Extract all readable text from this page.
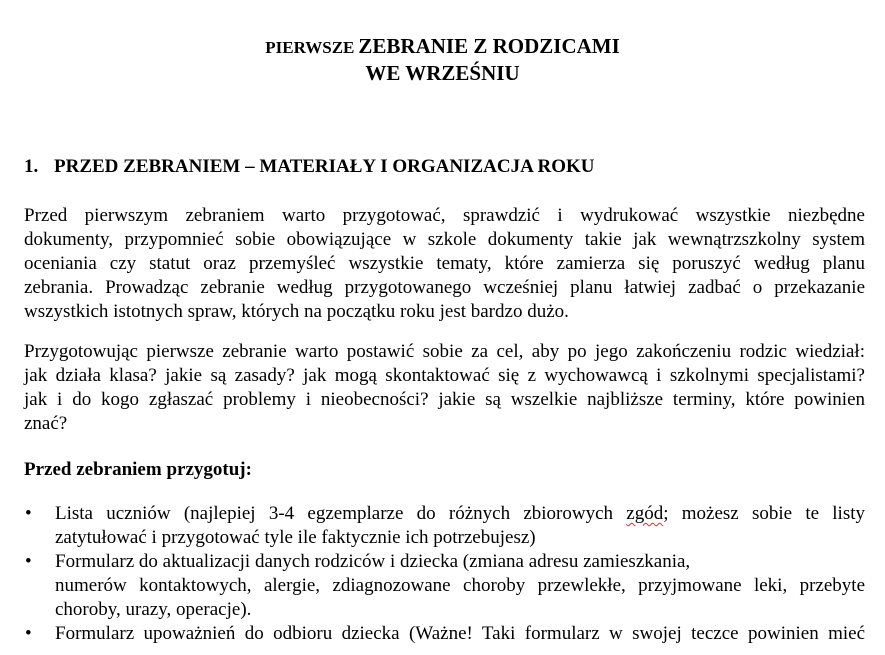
PIERWSZE ZEBRANIE Z RODZICAMI
WE WRZEŚNIU
1. PRZED ZEBRANIEM – MATERIAŁY I ORGANIZACJA ROKU
Przed pierwszym zebraniem warto przygotować, sprawdzić i wydrukować wszystkie niezbędne
dokumenty, przypomnieć sobie obowiązujące w szkole dokumenty takie jak wewnątrzszkolny system
oceniania czy statut oraz przemyśleć wszystkie tematy, które zamierza się poruszyć według planu
zebrania. Prowadząc zebranie według przygotowanego wcześniej planu łatwiej zadbać o przekazanie
wszystkich istotnych spraw, których na początku roku jest bardzo dużo.
Przygotowując pierwsze zebranie warto postawić sobie za cel, aby po jego zakończeniu rodzic wiedział:
jak działa klasa? jakie są zasady? jak mogą skontaktować się z wychowawcą i szkolnymi specjalistami?
jak i do kogo zgłaszać problemy i nieobecności? jakie są wszelkie najbliższe terminy, które powinien
znać?
Przed zebraniem przygotuj:
•	Lista uczniów (najlepiej 3-4 egzemplarze do różnych zbiorowych zgód; możesz sobie te listy
zatytułować i przygotować tyle ile faktycznie ich potrzebujesz)
•	Formularz do aktualizacji danych rodziców i dziecka (zmiana adresu zamieszkania,
numerów kontaktowych, alergie, zdiagnozowane choroby przewlekłe, przyjmowane leki, przebyte
choroby, urazy, operacje).
•	Formularz upoważnień do odbioru dziecka (Ważne! Taki formularz w swojej teczce powinien mieć
